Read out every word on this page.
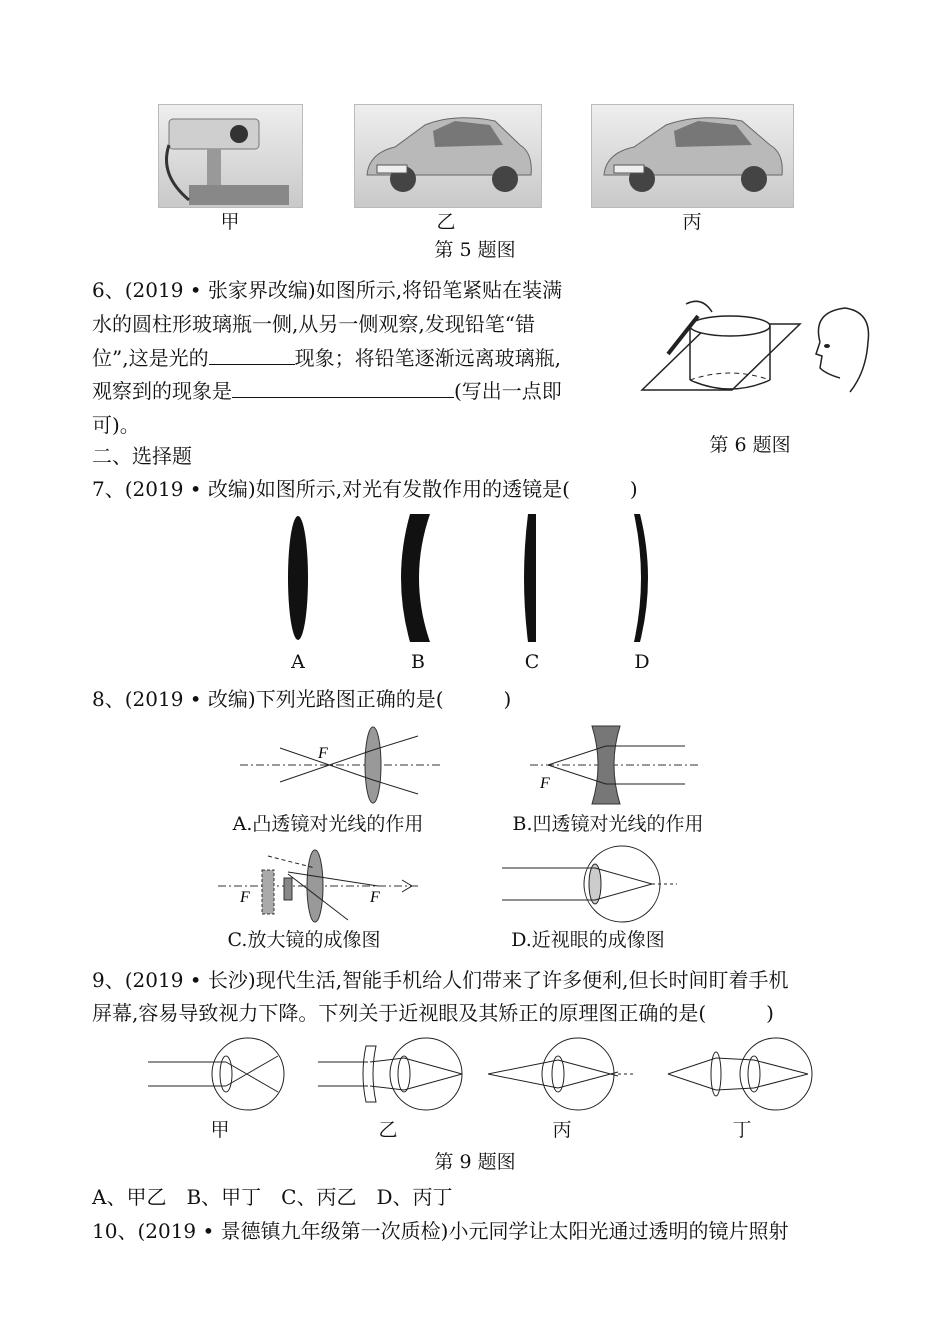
甲	乙	丙
第 5 题图
6、(2019 • 张家界改编)如图所示,将铅笔紧贴在装满
水的圆柱形玻璃瓶一侧,从另一侧观察,发现铅笔“错
位”,这是光的	现象；将铅笔逐渐远离玻璃瓶,
观察到的现象是	(写出一点即
可)。
第 6 题图
二、选择题
7、(2019 • 改编)如图所示,对光有发散作用的透镜是(　　　)
A	B	C	D
8、(2019 • 改编)下列光路图正确的是(　　　)
F
F
A.凸透镜对光线的作用	B.凹透镜对光线的作用
F	F
C.放大镜的成像图	D.近视眼的成像图
9、(2019 • 长沙)现代生活,智能手机给人们带来了许多便利,但长时间盯着手机
屏幕,容易导致视力下降。下列关于近视眼及其矫正的原理图正确的是(　　　)
甲	乙	丙	丁
第 9 题图
A、甲乙　B、甲丁　C、丙乙　D、丙丁
10、(2019 • 景德镇九年级第一次质检)小元同学让太阳光通过透明的镜片照射
